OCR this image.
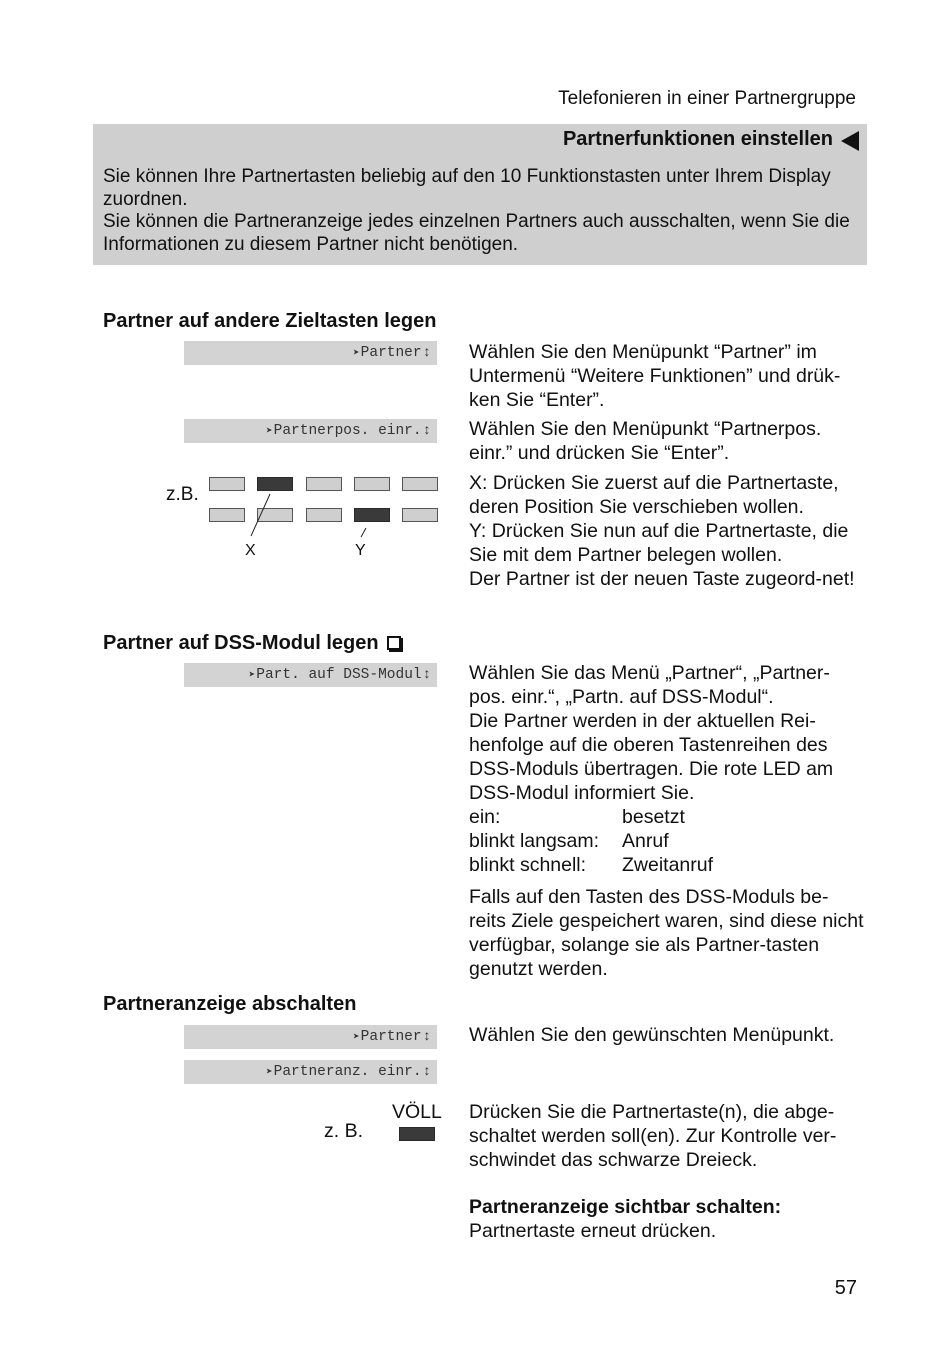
Telefonieren in einer Partnergruppe
Partnerfunktionen einstellen

Sie können Ihre Partnertasten beliebig auf den 10 Funktionstasten unter Ihrem Display zuordnen.

Sie können die Partneranzeige jedes einzelnen Partners auch ausschalten, wenn Sie die Informationen zu diesem Partner nicht benötigen.

Partner auf andere Zieltasten legen
➤ Partner ↕ Wählen Sie den Menüpunkt “Partner” im Untermenü “Weitere Funktionen” und drük-ken Sie “Enter”.

➤ Partnerpos. einr. ↕ Wählen Sie den Menüpunkt “Partnerpos. einr.” und drücken Sie “Enter”.

z.B.
X	Y

X: Drücken Sie zuerst auf die Partnertaste, deren Position Sie verschieben wollen.

Y: Drücken Sie nun auf die Partnertaste, die Sie mit dem Partner belegen wollen.

Der Partner ist der neuen Taste zugeord-net!

Partner auf DSS-Modul legen
➤ Part. auf DSS-Modul ↕ Wählen Sie das Menü „Partner“, „Partner-pos. einr.“, „Partn. auf DSS-Modul“.

Die Partner werden in der aktuellen Rei-henfolge auf die oberen Tastenreihen des DSS-Moduls übertragen. Die rote LED am DSS-Modul informiert Sie.

ein:	besetzt
blinkt langsam:	Anruf
blinkt schnell:	Zweitanruf

Falls auf den Tasten des DSS-Moduls be-reits Ziele gespeichert waren, sind diese nicht verfügbar, solange sie als Partner-tasten genutzt werden.

Partneranzeige abschalten
➤ Partner ↕ Wählen Sie den gewünschten Menüpunkt.

➤ Partneranz. einr. ↕
VÖLL
z. B.

Drücken Sie die Partnertaste(n), die abge-schaltet werden soll(en). Zur Kontrolle ver-schwindet das schwarze Dreieck.

Partneranzeige sichtbar schalten:

Partnertaste erneut drücken.

57
